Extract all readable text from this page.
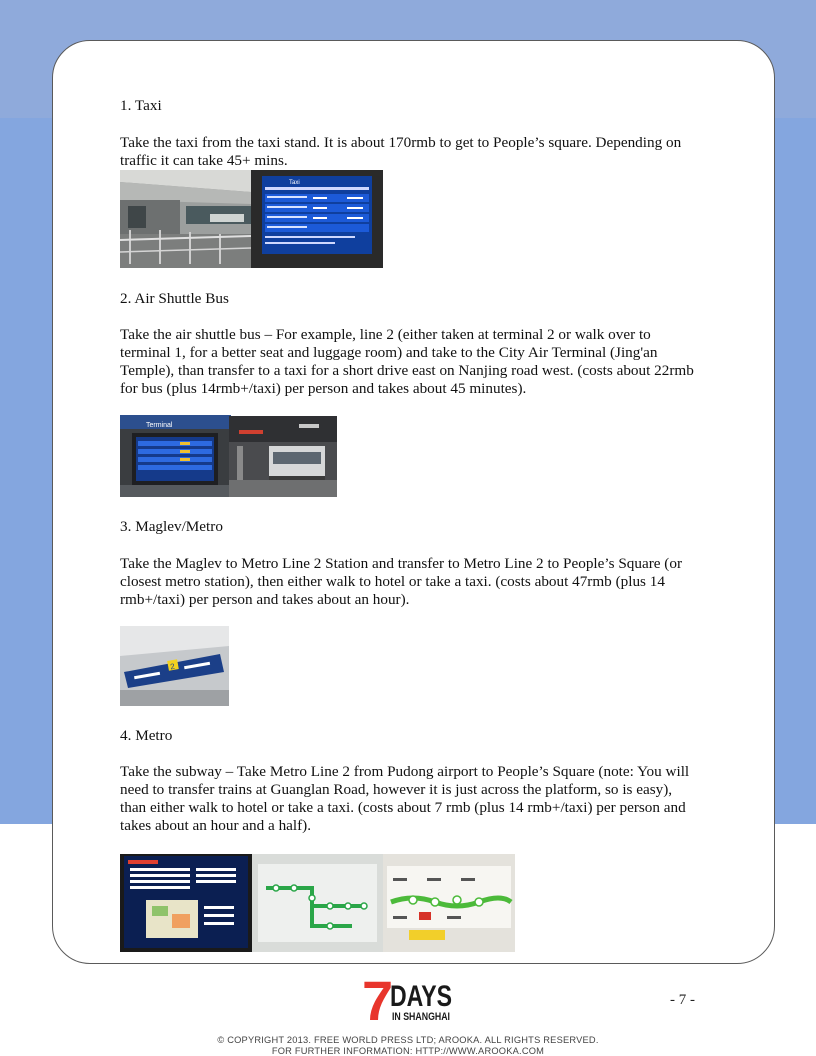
1. Taxi

Take the taxi from the taxi stand. It is about 170rmb to get to People’s square. Depending on traffic it can take 45+ mins.

Taxi

2. Air Shuttle Bus

Take the air shuttle bus – For example, line 2 (either taken at terminal 2 or walk over to terminal 1, for a better seat and luggage room) and take to the City Air Terminal (Jing'an Temple), than transfer to a taxi for a short drive east on Nanjing road west. (costs about 22rmb for bus (plus 14rmb+/taxi) per person and takes about 45 minutes).

Terminal

3. Maglev/Metro

Take the Maglev to Metro Line 2 Station and transfer to Metro Line 2 to People’s Square (or closest metro station), then either walk to hotel or take a taxi. (costs about 47rmb (plus 14 rmb+/taxi) per person and takes about an hour).

2

4. Metro

Take the subway – Take Metro Line 2 from Pudong airport to People’s Square (note: You will need to transfer trains at Guanglan Road, however it is just across the platform, so is easy), than either walk to hotel or take a taxi. (costs about 7 rmb (plus 14 rmb+/taxi) per person and takes about an hour and a half).

7
DAYS
IN SHANGHAI
- 7 -
© COPYRIGHT 2013. FREE WORLD PRESS LTD; AROOKA. ALL RIGHTS RESERVED.
FOR FURTHER INFORMATION: HTTP://WWW.AROOKA.COM
